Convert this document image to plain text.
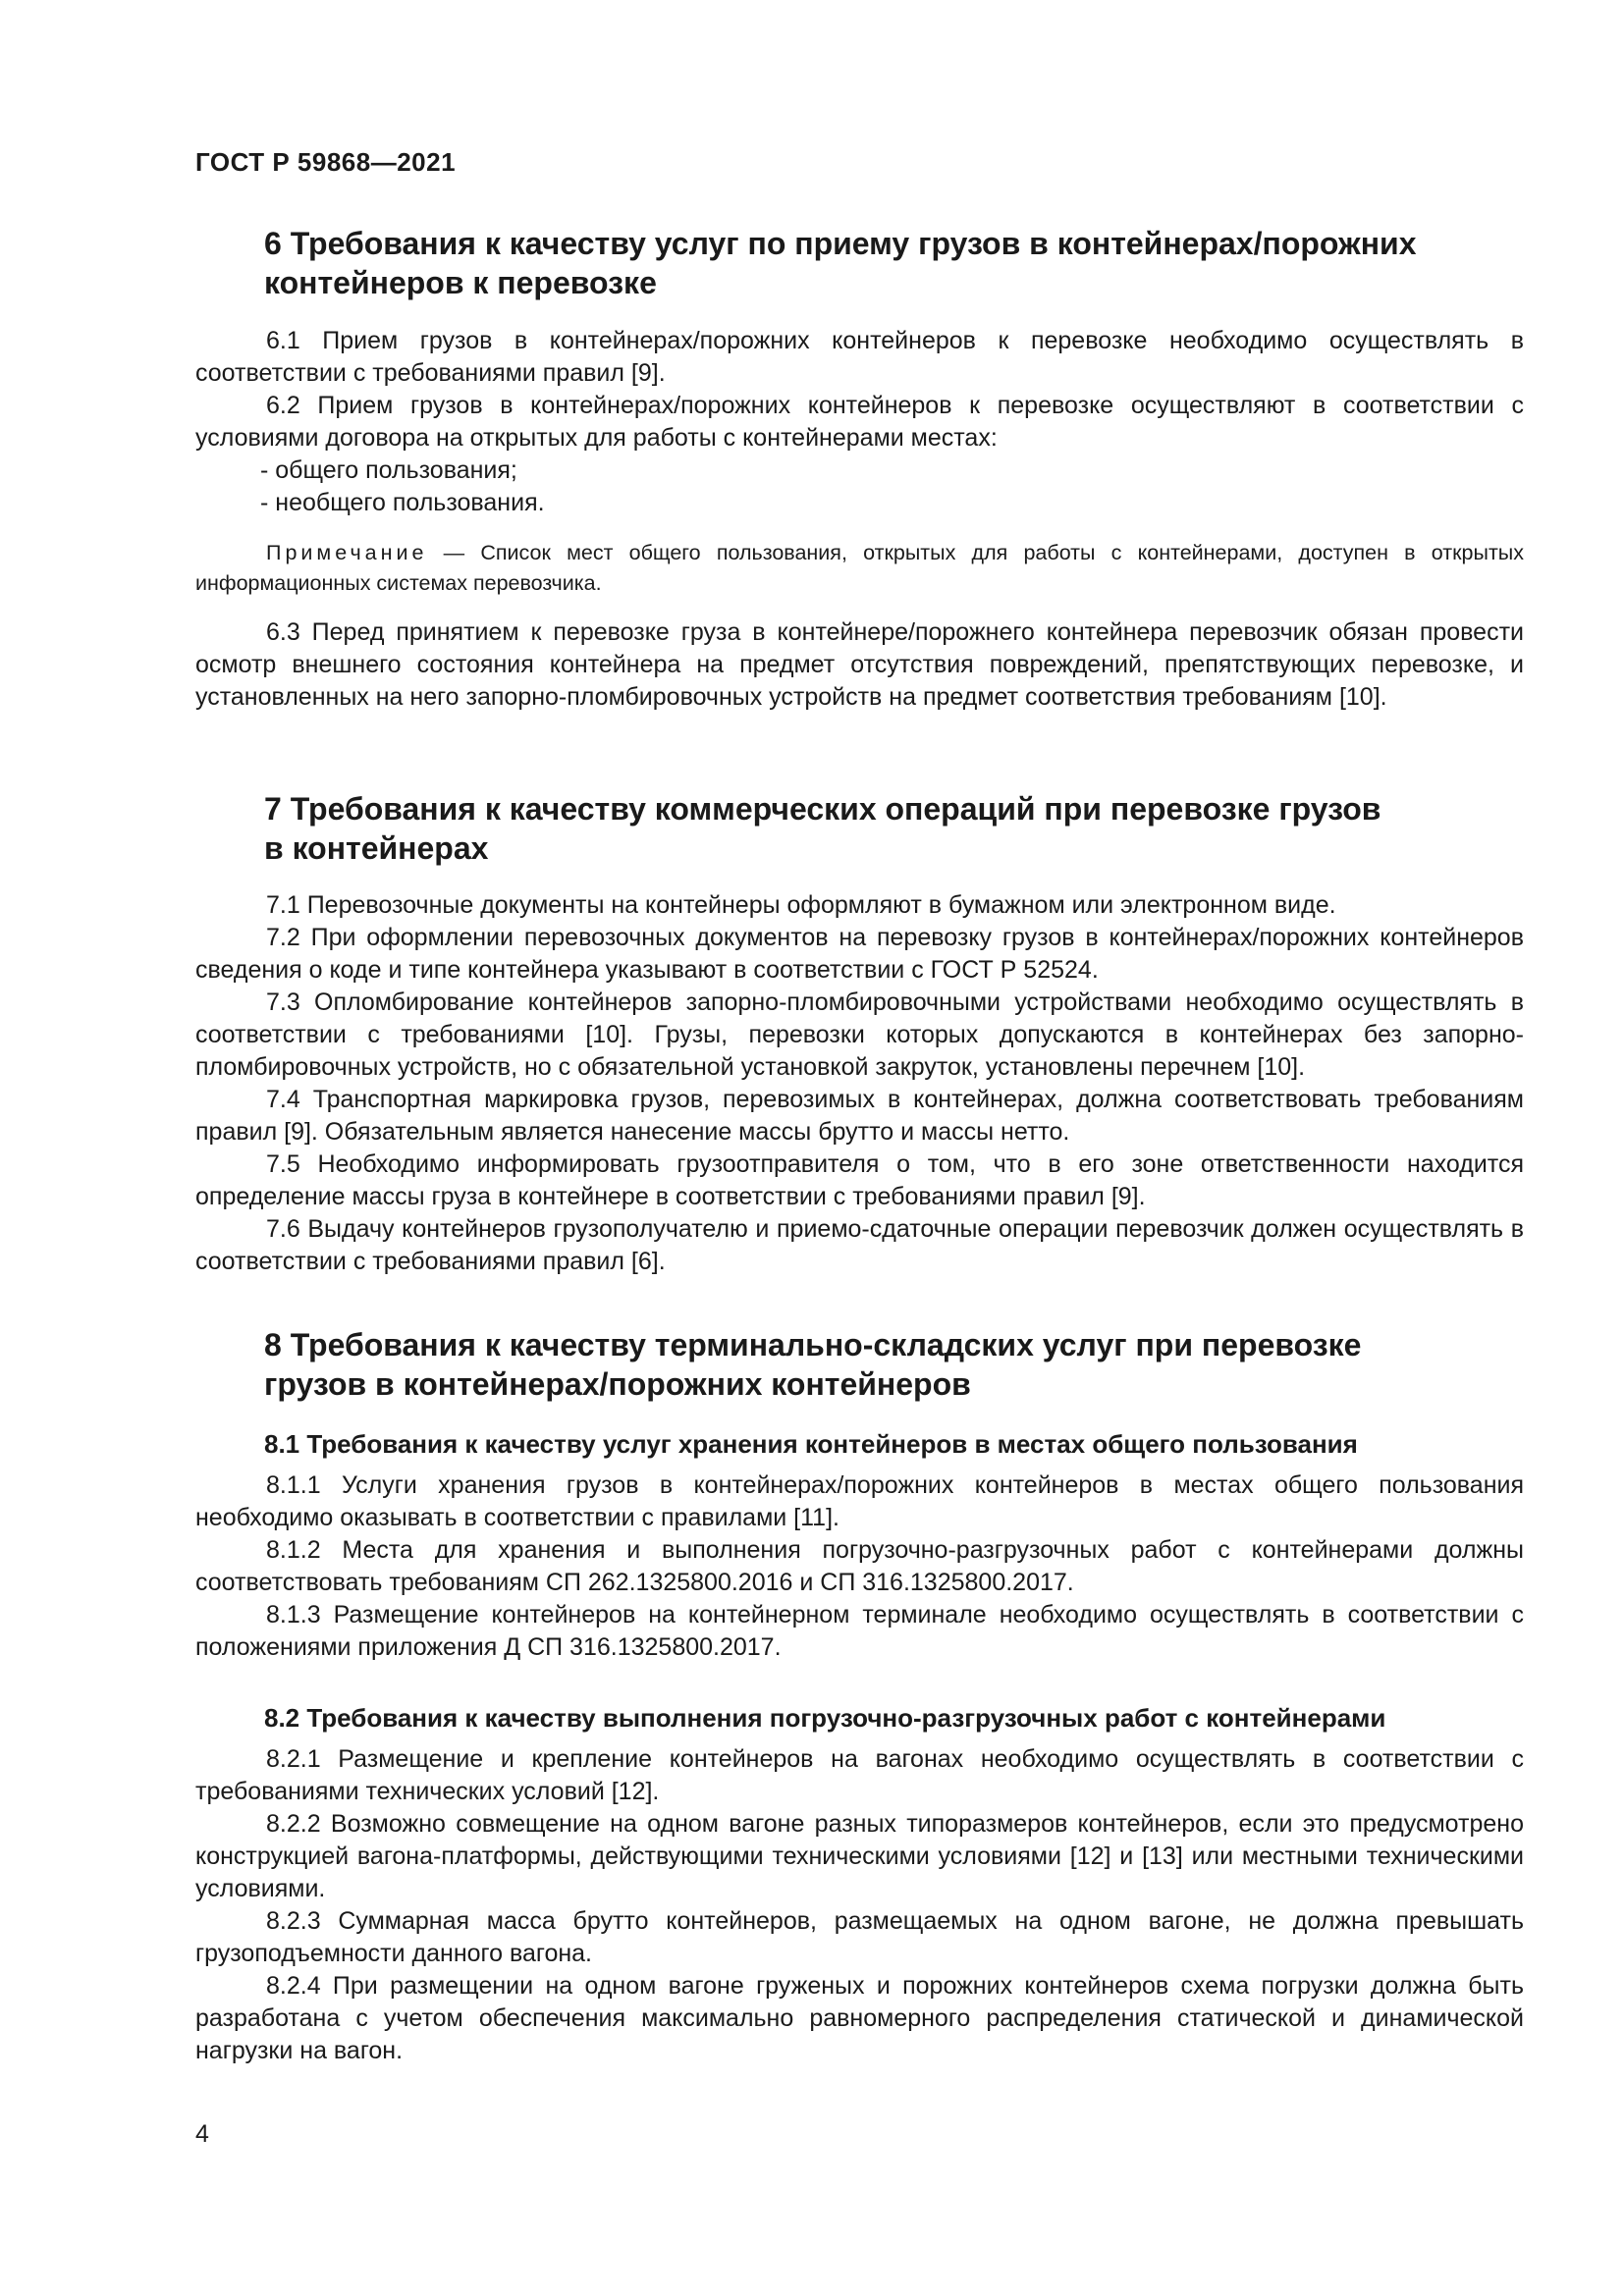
ГОСТ Р 59868—2021
6 Требования к качеству услуг по приему грузов в контейнерах/порожних
контейнеров к перевозке

6.1 Прием грузов в контейнерах/порожних контейнеров к перевозке необходимо осуществлять в соответствии с требованиями правил [9].

6.2 Прием грузов в контейнерах/порожних контейнеров к перевозке осуществляют в соответствии с условиями договора на открытых для работы с контейнерами местах:

- общего пользования;

- необщего пользования.

Примечание — Список мест общего пользования, открытых для работы с контейнерами, доступен в открытых информационных системах перевозчика.

6.3 Перед принятием к перевозке груза в контейнере/порожнего контейнера перевозчик обязан провести осмотр внешнего состояния контейнера на предмет отсутствия повреждений, препятствующих перевозке, и установленных на него запорно-пломбировочных устройств на предмет соответствия требованиям [10].

7 Требования к качеству коммерческих операций при перевозке грузов
в контейнерах

7.1 Перевозочные документы на контейнеры оформляют в бумажном или электронном виде.

7.2 При оформлении перевозочных документов на перевозку грузов в контейнерах/порожних контейнеров сведения о коде и типе контейнера указывают в соответствии с ГОСТ Р 52524.

7.3 Опломбирование контейнеров запорно-пломбировочными устройствами необходимо осуществлять в соответствии с требованиями [10]. Грузы, перевозки которых допускаются в контейнерах без запорно-пломбировочных устройств, но с обязательной установкой закруток, установлены перечнем [10].

7.4 Транспортная маркировка грузов, перевозимых в контейнерах, должна соответствовать требованиям правил [9]. Обязательным является нанесение массы брутто и массы нетто.

7.5 Необходимо информировать грузоотправителя о том, что в его зоне ответственности находится определение массы груза в контейнере в соответствии с требованиями правил [9].

7.6 Выдачу контейнеров грузополучателю и приемо-сдаточные операции перевозчик должен осуществлять в соответствии с требованиями правил [6].

8 Требования к качеству терминально-складских услуг при перевозке
грузов в контейнерах/порожних контейнеров
8.1 Требования к качеству услуг хранения контейнеров в местах общего пользования

8.1.1 Услуги хранения грузов в контейнерах/порожних контейнеров в местах общего пользования необходимо оказывать в соответствии с правилами [11].

8.1.2 Места для хранения и выполнения погрузочно-разгрузочных работ с контейнерами должны соответствовать требованиям СП 262.1325800.2016 и СП 316.1325800.2017.

8.1.3 Размещение контейнеров на контейнерном терминале необходимо осуществлять в соответствии с положениями приложения Д СП 316.1325800.2017.

8.2 Требования к качеству выполнения погрузочно-разгрузочных работ с контейнерами

8.2.1 Размещение и крепление контейнеров на вагонах необходимо осуществлять в соответствии с требованиями технических условий [12].

8.2.2 Возможно совмещение на одном вагоне разных типоразмеров контейнеров, если это предусмотрено конструкцией вагона-платформы, действующими техническими условиями [12] и [13] или местными техническими условиями.

8.2.3 Суммарная масса брутто контейнеров, размещаемых на одном вагоне, не должна превышать грузоподъемности данного вагона.

8.2.4 При размещении на одном вагоне груженых и порожних контейнеров схема погрузки должна быть разработана с учетом обеспечения максимально равномерного распределения статической и динамической нагрузки на вагон.

4
